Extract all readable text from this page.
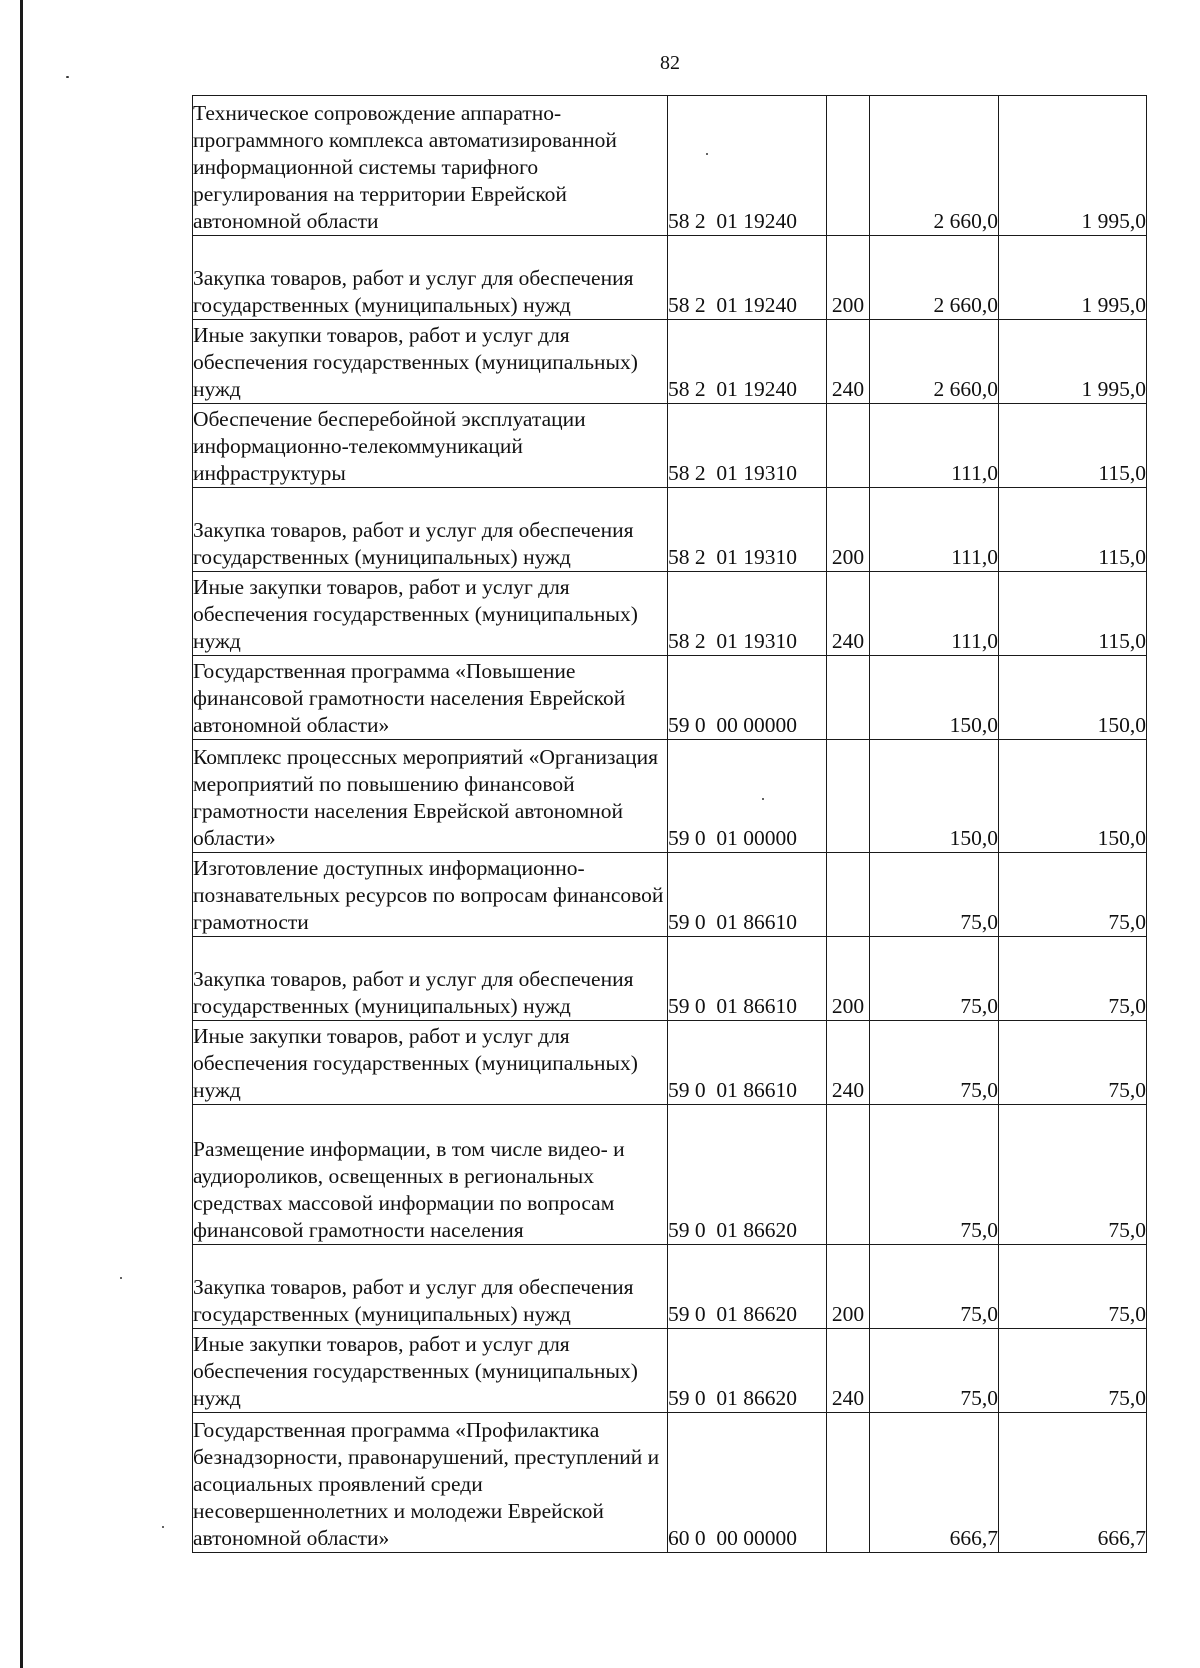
82
Техническое сопровождение аппаратно-программного комплекса автоматизированной информационной системы тарифного регулирования на территории Еврейской автономной области	58 2  01 19240		2 660,0	1 995,0
Закупка товаров, работ и услуг для обеспечения государственных (муниципальных) нужд	58 2  01 19240	200	2 660,0	1 995,0
Иные закупки товаров, работ и услуг для обеспечения государственных (муниципальных) нужд	58 2  01 19240	240	2 660,0	1 995,0
Обеспечение бесперебойной эксплуатации информационно-телекоммуникаций инфраструктуры	58 2  01 19310		111,0	115,0
Закупка товаров, работ и услуг для обеспечения государственных (муниципальных) нужд	58 2  01 19310	200	111,0	115,0
Иные закупки товаров, работ и услуг для обеспечения государственных (муниципальных) нужд	58 2  01 19310	240	111,0	115,0
Государственная программа «Повышение финансовой грамотности населения Еврейской автономной области»	59 0  00 00000		150,0	150,0
Комплекс процессных мероприятий «Организация мероприятий по повышению финансовой грамотности населения Еврейской автономной области»	59 0  01 00000		150,0	150,0
Изготовление доступных информационно-познавательных ресурсов по вопросам финансовой грамотности	59 0  01 86610		75,0	75,0
Закупка товаров, работ и услуг для обеспечения государственных (муниципальных) нужд	59 0  01 86610	200	75,0	75,0
Иные закупки товаров, работ и услуг для обеспечения государственных (муниципальных) нужд	59 0  01 86610	240	75,0	75,0
Размещение информации, в том числе видео- и аудиороликов, освещенных в региональных средствах массовой информации по вопросам финансовой грамотности населения	59 0  01 86620		75,0	75,0
Закупка товаров, работ и услуг для обеспечения государственных (муниципальных) нужд	59 0  01 86620	200	75,0	75,0
Иные закупки товаров, работ и услуг для обеспечения государственных (муниципальных) нужд	59 0  01 86620	240	75,0	75,0
Государственная программа «Профилактика безнадзорности, правонарушений, преступлений и асоциальных проявлений среди несовершеннолетних и молодежи Еврейской автономной области»	60 0  00 00000		666,7	666,7
